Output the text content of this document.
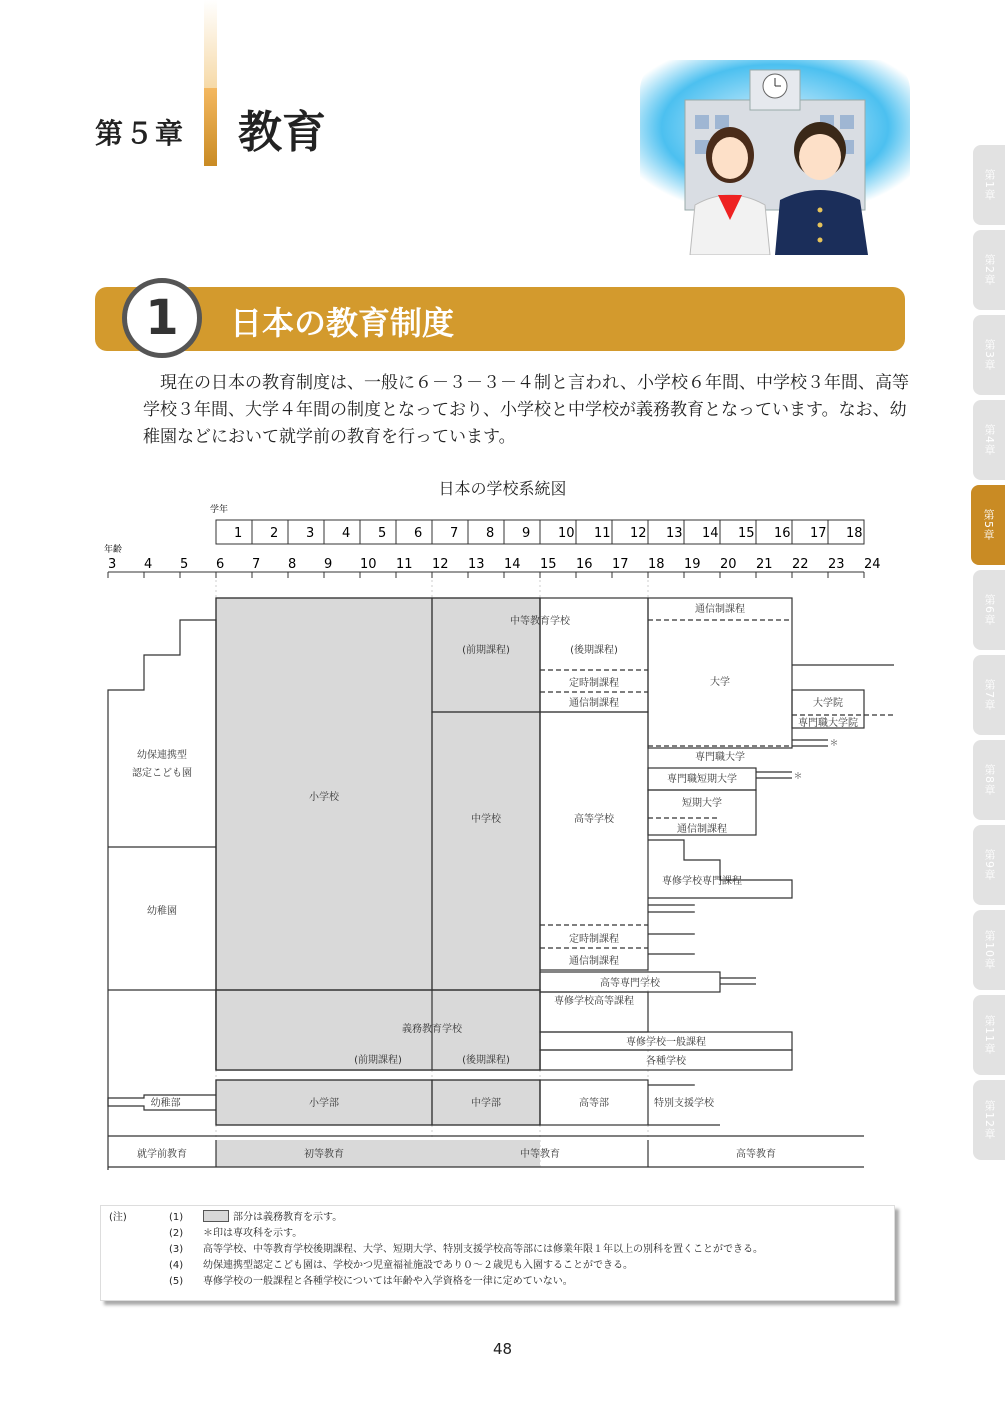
第５章 教育
第1章
第2章
第3章
第4章
第5章
第6章
第7章
第8章
第9章
第10章
第11章
第12章
1 日本の教育制度
　現在の日本の教育制度は、一般に６－３－３－４制と言われ、小学校６年間、中学校３年間、高等学校３年間、大学４年間の制度となっており、小学校と中学校が義務教育となっています。なお、幼稚園などにおいて就学前の教育を行っています。
日本の学校系統図
学年
1 2 3 4 5 6 7 8 9 10 11 12 13 14 15 16 17 18
年齢
3 4 5 6 7 8 9 10 11 12 13 14 15 16 17 18 19 20 21 22 23 24
幼保連携型
認定こども園
幼稚園
小学校
中学校
中等教育学校
(前期課程)	(後期課程)
定時制課程
通信制課程
高等学校
定時制課程
通信制課程
通信制課程
大学
専門職大学
大学院
専門職大学院
＊
専門職短期大学
短期大学
通信制課程
＊
専修学校専門課程
高等専門学校
専修学校高等課程
義務教育学校
(前期課程)	(後期課程)
専修学校一般課程
各種学校
幼稚部	小学部	中学部	高等部	特別支援学校
就学前教育	初等教育	中等教育	高等教育
(注)	(1)	部分は義務教育を示す。
(2)	＊印は専攻科を示す。
(3)	高等学校、中等教育学校後期課程、大学、短期大学、特別支援学校高等部には修業年限１年以上の別科を置くことができる。
(4)	幼保連携型認定こども園は、学校かつ児童福祉施設であり０～２歳児も入園することができる。
(5)	専修学校の一般課程と各種学校については年齢や入学資格を一律に定めていない。
48
